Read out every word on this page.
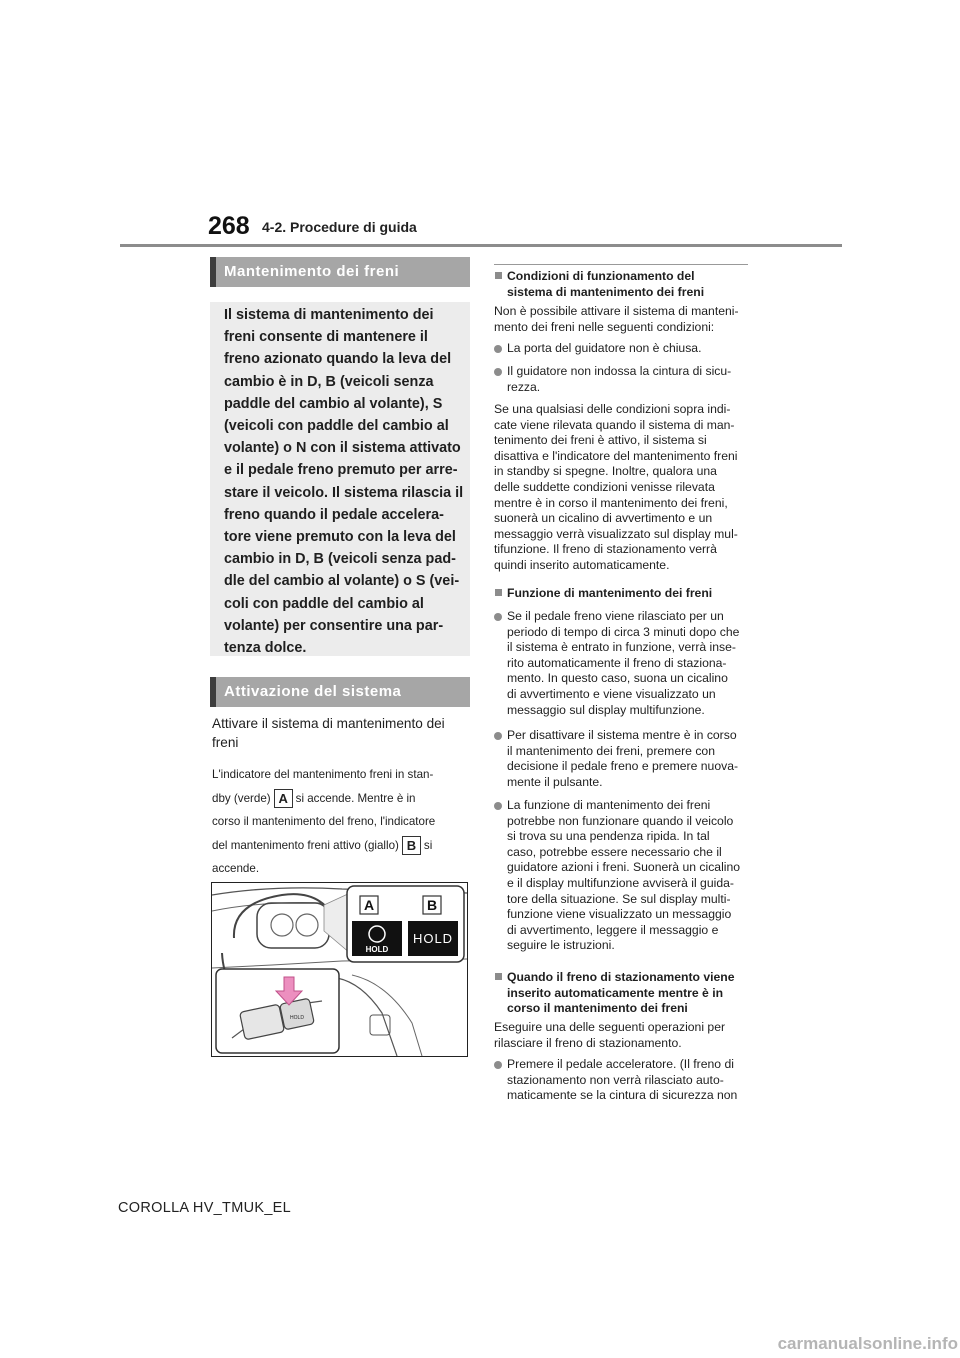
268 4-2. Procedure di guida
Mantenimento dei freni
Il sistema di mantenimento dei
freni consente di mantenere il
freno azionato quando la leva del
cambio è in D, B (veicoli senza
paddle del cambio al volante), S
(veicoli con paddle del cambio al
volante) o N con il sistema attivato
e il pedale freno premuto per arre-
stare il veicolo. Il sistema rilascia il
freno quando il pedale accelera-
tore viene premuto con la leva del
cambio in D, B (veicoli senza pad-
dle del cambio al volante) o S (vei-
coli con paddle del cambio al
volante) per consentire una par-
tenza dolce.
Attivazione del sistema
Attivare il sistema di mantenimento dei
freni
L'indicatore del mantenimento freni in stan-
dby (verde) A si accende. Mentre è in
corso il mantenimento del freno, l'indicatore
del mantenimento freni attivo (giallo) B si
accende.
A	B
HOLD
HOLD
HOLD
Condizioni di funzionamento del
sistema di mantenimento dei freni
Non è possibile attivare il sistema di manteni-
mento dei freni nelle seguenti condizioni:
La porta del guidatore non è chiusa.
Il guidatore non indossa la cintura di sicu-
rezza.
Se una qualsiasi delle condizioni sopra indi-
cate viene rilevata quando il sistema di man-
tenimento dei freni è attivo, il sistema si
disattiva e l'indicatore del mantenimento freni
in standby si spegne. Inoltre, qualora una
delle suddette condizioni venisse rilevata
mentre è in corso il mantenimento dei freni,
suonerà un cicalino di avvertimento e un
messaggio verrà visualizzato sul display mul-
tifunzione. Il freno di stazionamento verrà
quindi inserito automaticamente.
Funzione di mantenimento dei freni
Se il pedale freno viene rilasciato per un
periodo di tempo di circa 3 minuti dopo che
il sistema è entrato in funzione, verrà inse-
rito automaticamente il freno di staziona-
mento. In questo caso, suona un cicalino
di avvertimento e viene visualizzato un
messaggio sul display multifunzione.
Per disattivare il sistema mentre è in corso
il mantenimento dei freni, premere con
decisione il pedale freno e premere nuova-
mente il pulsante.
La funzione di mantenimento dei freni
potrebbe non funzionare quando il veicolo
si trova su una pendenza ripida. In tal
caso, potrebbe essere necessario che il
guidatore azioni i freni. Suonerà un cicalino
e il display multifunzione avviserà il guida-
tore della situazione. Se sul display multi-
funzione viene visualizzato un messaggio
di avvertimento, leggere il messaggio e
seguire le istruzioni.
Quando il freno di stazionamento viene
inserito automaticamente mentre è in
corso il mantenimento dei freni
Eseguire una delle seguenti operazioni per
rilasciare il freno di stazionamento.
Premere il pedale acceleratore. (Il freno di
stazionamento non verrà rilasciato auto-
maticamente se la cintura di sicurezza non
COROLLA HV_TMUK_EL
carmanualsonline.info
